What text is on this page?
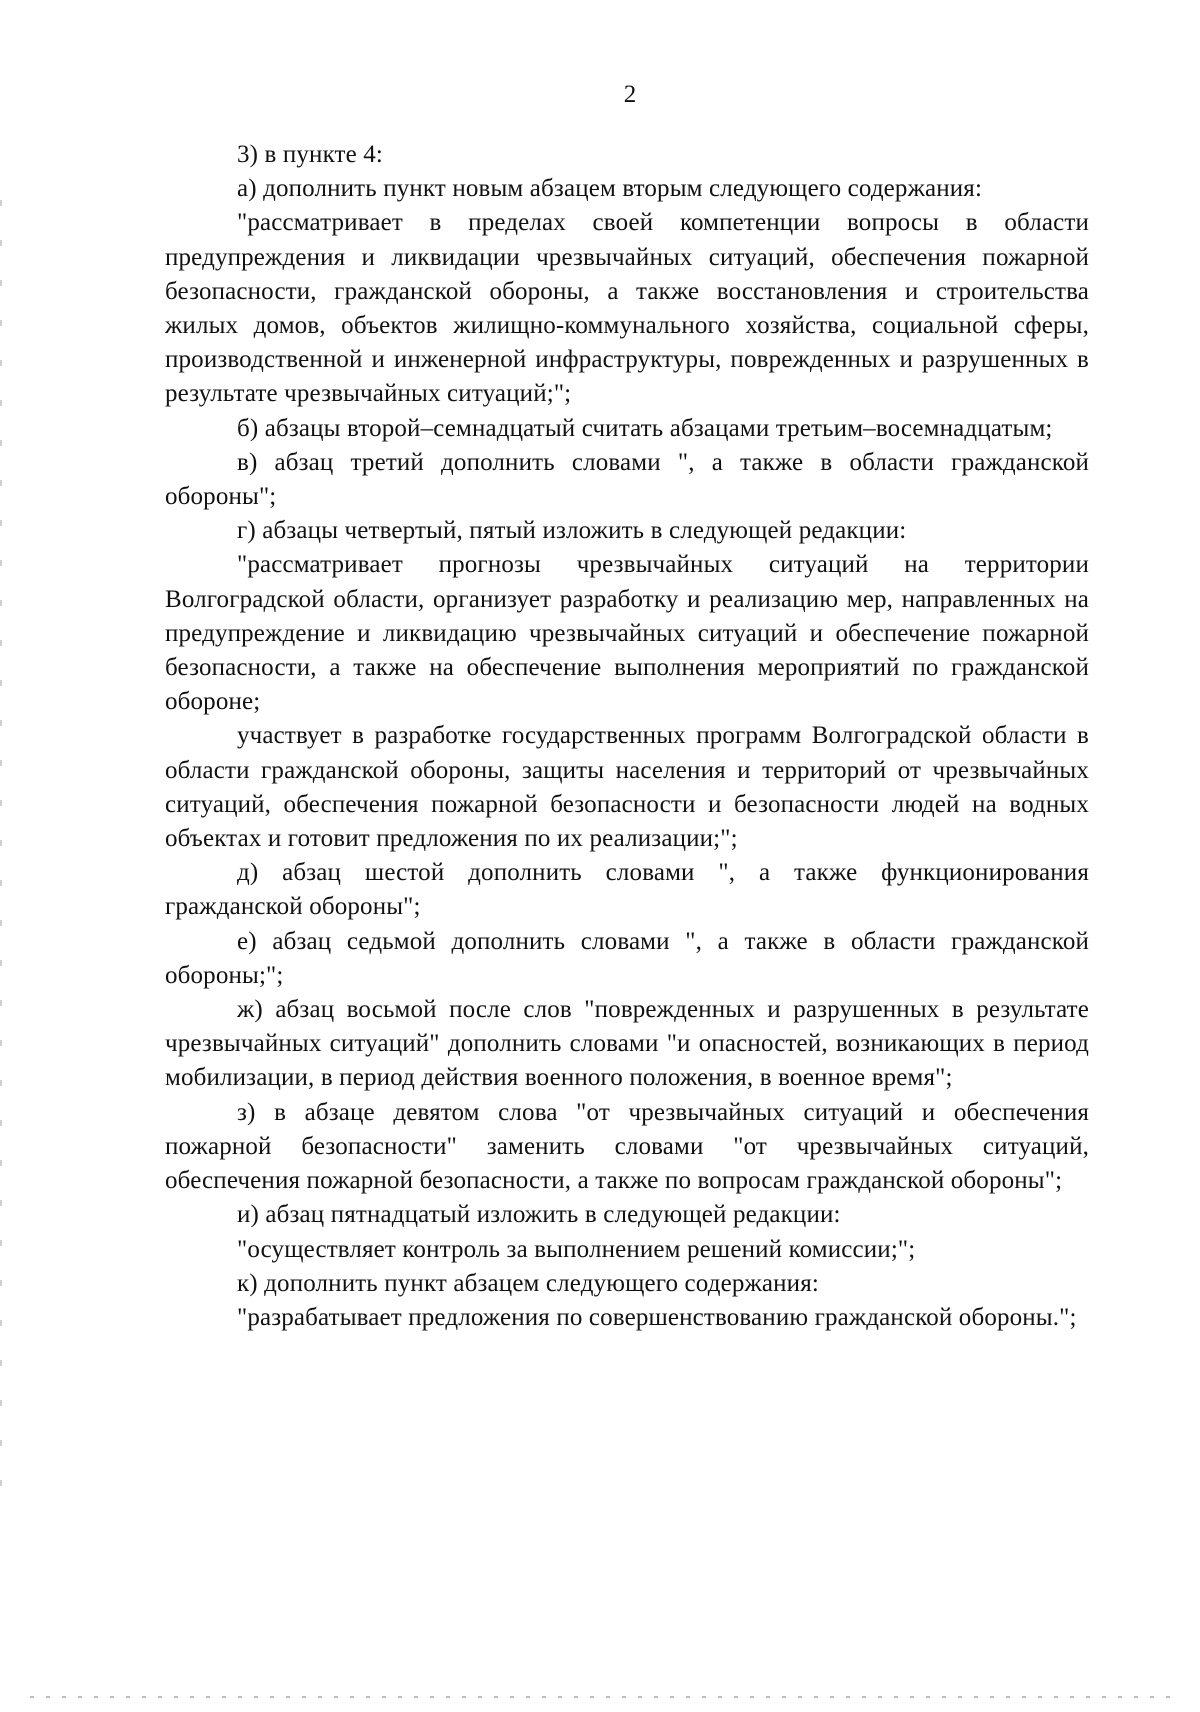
2

3) в пункте 4:

а) дополнить пункт новым абзацем вторым следующего содержания:

"рассматривает в пределах своей компетенции вопросы в области предупреждения и ликвидации чрезвычайных ситуаций, обеспечения пожарной безопасности, гражданской обороны, а также восстановления и строительства жилых домов, объектов жилищно-коммунального хозяйства, социальной сферы, производственной и инженерной инфраструктуры, поврежденных и разрушенных в результате чрезвычайных ситуаций;";

б) абзацы второй–семнадцатый считать абзацами третьим–восемнадцатым;

в) абзац третий дополнить словами ", а также в области гражданской обороны";

г) абзацы четвертый, пятый изложить в следующей редакции:

"рассматривает прогнозы чрезвычайных ситуаций на территории Волгоградской области, организует разработку и реализацию мер, направленных на предупреждение и ликвидацию чрезвычайных ситуаций и обеспечение пожарной безопасности, а также на обеспечение выполнения мероприятий по гражданской обороне;

участвует в разработке государственных программ Волгоградской области в области гражданской обороны, защиты населения и территорий от чрезвычайных ситуаций, обеспечения пожарной безопасности и безопасности людей на водных объектах и готовит предложения по их реализации;";

д) абзац шестой дополнить словами ", а также функционирования гражданской обороны";

е) абзац седьмой дополнить словами ", а также в области гражданской обороны;";

ж) абзац восьмой после слов "поврежденных и разрушенных в результате чрезвычайных ситуаций" дополнить словами "и опасностей, возникающих в период мобилизации, в период действия военного положения, в военное время";

з) в абзаце девятом слова "от чрезвычайных ситуаций и обеспечения пожарной безопасности" заменить словами "от чрезвычайных ситуаций, обеспечения пожарной безопасности, а также по вопросам гражданской обороны";

и) абзац пятнадцатый изложить в следующей редакции:

"осуществляет контроль за выполнением решений комиссии;";

к) дополнить пункт абзацем следующего содержания:

"разрабатывает предложения по совершенствованию гражданской обороны.";
